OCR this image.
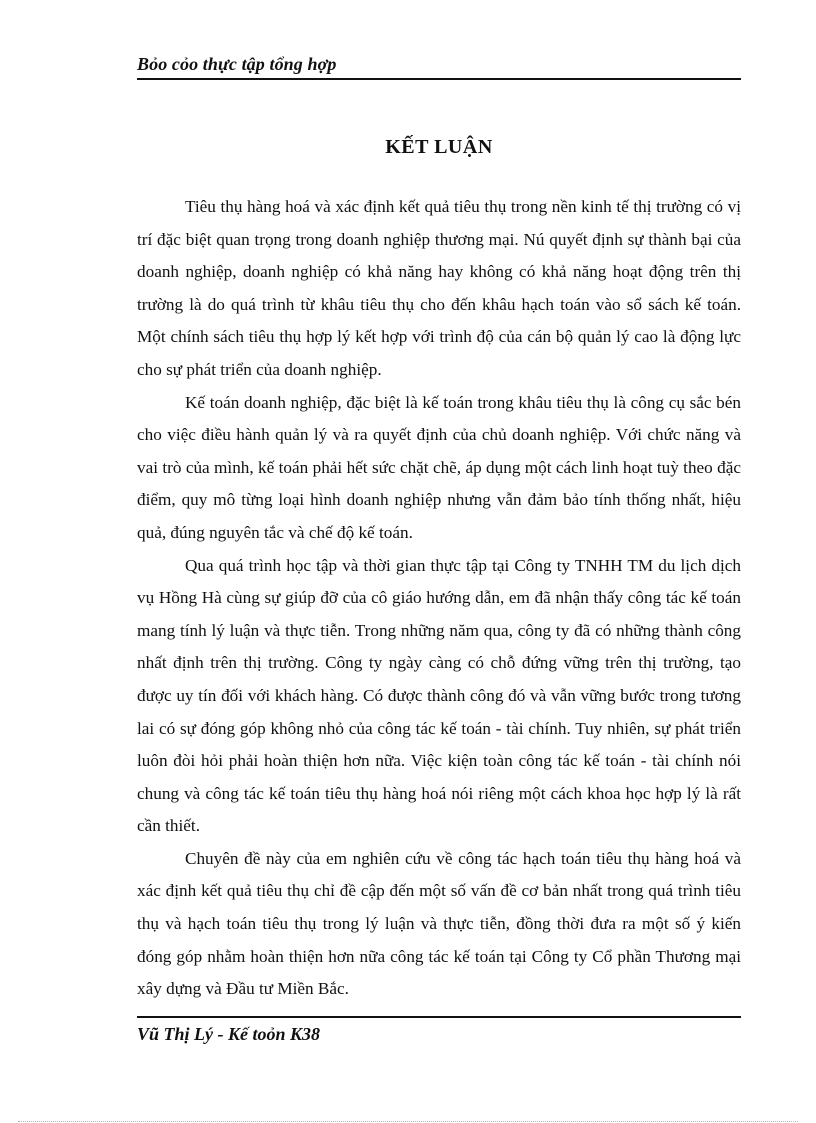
Bỏo cỏo thực tập tổng hợp
KẾT LUẬN

Tiêu thụ hàng hoá và xác định kết quả tiêu thụ trong nền kinh tế thị trường có vị trí đặc biệt quan trọng trong doanh nghiệp thương mại. Nú quyết định sự thành bại của doanh nghiệp, doanh nghiệp có khả năng hay không có khả năng hoạt động trên thị trường là do quá trình từ khâu tiêu thụ cho đến khâu hạch toán vào sổ sách kế toán. Một chính sách tiêu thụ hợp lý kết hợp với trình độ của cán bộ quản lý cao là động lực cho sự phát triển của doanh nghiệp.

Kế toán doanh nghiệp, đặc biệt là kế toán trong khâu tiêu thụ là công cụ sắc bén cho việc điều hành quản lý và ra quyết định của chủ doanh nghiệp. Với chức năng và vai trò của mình, kế toán phải hết sức chặt chẽ, áp dụng một cách linh hoạt tuỳ theo đặc điểm, quy mô từng loại hình doanh nghiệp nhưng vẫn đảm bảo tính thống nhất, hiệu quả, đúng nguyên tắc và chế độ kế toán.

Qua quá trình học tập và thời gian thực tập tại Công ty TNHH TM du lịch dịch vụ Hồng Hà cùng sự giúp đỡ của cô giáo hướng dẫn, em đã nhận thấy công tác kế toán mang tính lý luận và thực tiễn. Trong những năm qua, công ty đã có những thành công nhất định trên thị trường. Công ty ngày càng có chỗ đứng vững trên thị trường, tạo được uy tín đối với khách hàng. Có được thành công đó và vẫn vững bước trong tương lai có sự đóng góp không nhỏ của công tác kế toán - tài chính. Tuy nhiên, sự phát triển luôn đòi hỏi phải hoàn thiện hơn nữa. Việc kiện toàn công tác kế toán - tài chính nói chung và công tác kế toán tiêu thụ hàng hoá nói riêng một cách khoa học hợp lý là rất cần thiết.

Chuyên đề này của em nghiên cứu về công tác hạch toán tiêu thụ hàng hoá và xác định kết quả tiêu thụ chỉ đề cập đến một số vấn đề cơ bản nhất trong quá trình tiêu thụ và hạch toán tiêu thụ trong lý luận và thực tiễn, đồng thời đưa ra một số ý kiến đóng góp nhằm hoàn thiện hơn nữa công tác kế toán tại Công ty Cổ phần Thương mại xây dựng và Đầu tư Miền Bắc.

Vũ Thị Lý - Kế toỏn K38
